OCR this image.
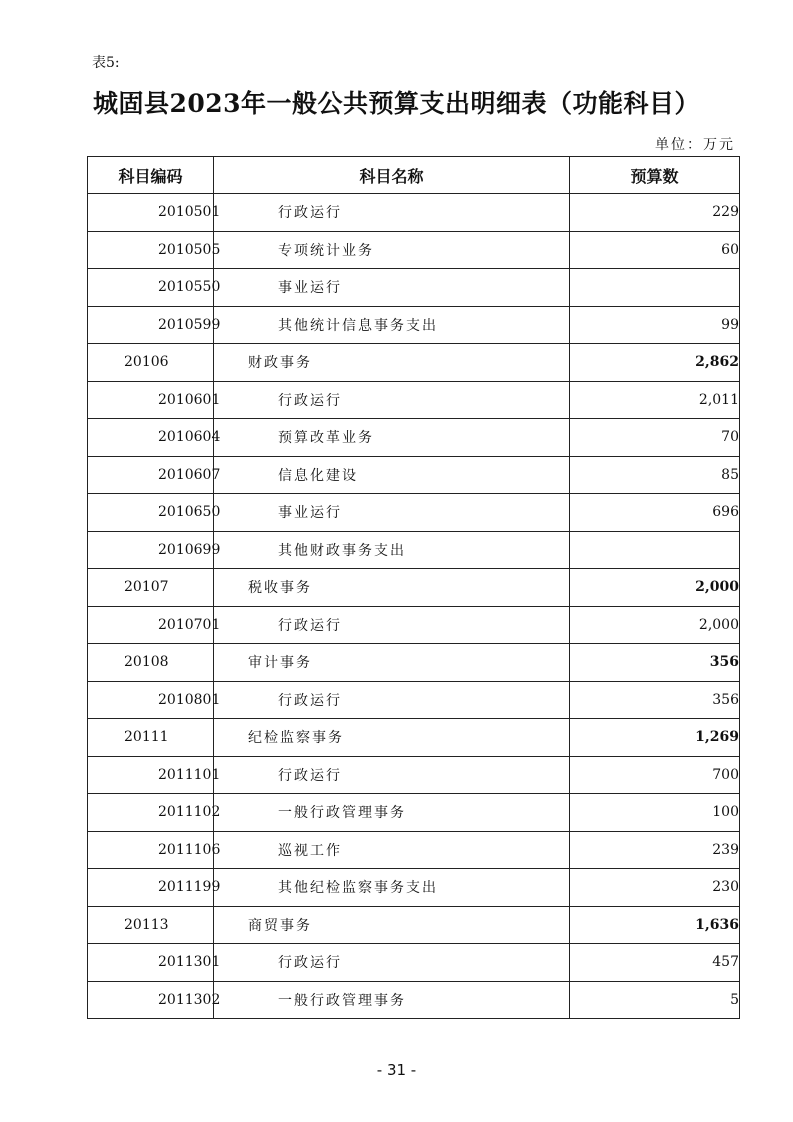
表5:
城固县2023年一般公共预算支出明细表（功能科目）
单位：万元
科目编码	科目名称	预算数
2010501	行政运行	229
2010505	专项统计业务	60
2010550	事业运行	
2010599	其他统计信息事务支出	99
20106	财政事务	2,862
2010601	行政运行	2,011
2010604	预算改革业务	70
2010607	信息化建设	85
2010650	事业运行	696
2010699	其他财政事务支出	
20107	税收事务	2,000
2010701	行政运行	2,000
20108	审计事务	356
2010801	行政运行	356
20111	纪检监察事务	1,269
2011101	行政运行	700
2011102	一般行政管理事务	100
2011106	巡视工作	239
2011199	其他纪检监察事务支出	230
20113	商贸事务	1,636
2011301	行政运行	457
2011302	一般行政管理事务	5
- 31 -
